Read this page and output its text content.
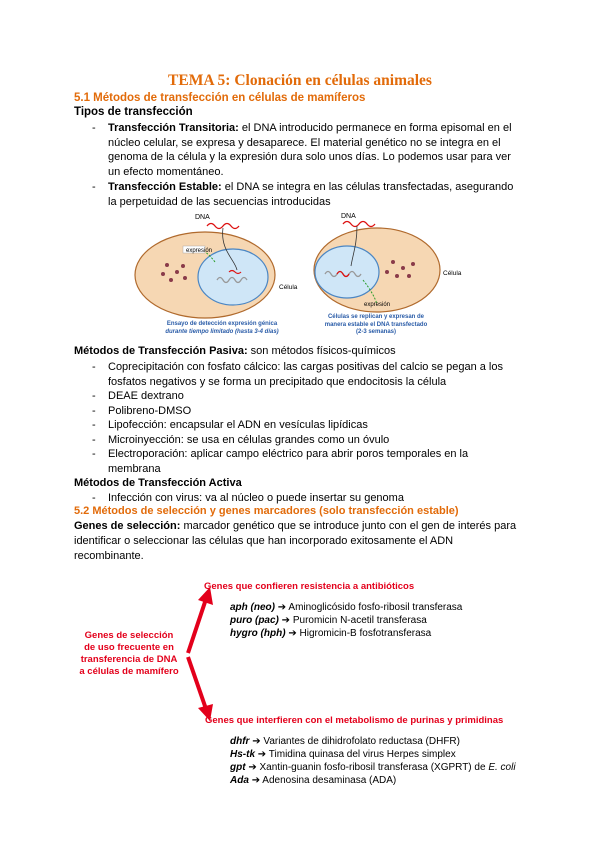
TEMA 5: Clonación en células animales
5.1 Métodos de transfección en células de mamíferos
Tipos de transfección
- Transfección Transitoria: el DNA introducido permanece en forma episomal en el
núcleo celular, se expresa y desaparece. El material genético no se integra en el
genoma de la célula y la expresión dura solo unos días. Lo podemos usar para ver
un efecto momentáneo.
- Transfección Estable: el DNA se integra en las células transfectadas, asegurando
la perpetuidad de las secuencias introducidas
DNA	DNA
expresión
expresión
Célula
Célula
Ensayo de detección expresión génica
durante tiempo limitado (hasta 3-4 días)
Células se replican y expresan de
manera estable el DNA transfectado
(2-3 semanas)
Métodos de Transfección Pasiva: son métodos físicos-químicos
- Coprecipitación con fosfato cálcico: las cargas positivas del calcio se pegan a los
fosfatos negativos y se forma un precipitado que endocitosis la célula
- DEAE dextrano
- Polibreno-DMSO
- Lipofección: encapsular el ADN en vesículas lipídicas
- Microinyección: se usa en células grandes como un óvulo
- Electroporación: aplicar campo eléctrico para abrir poros temporales en la
membrana
Métodos de Transfección Activa
- Infección con virus: va al núcleo o puede insertar su genoma
5.2 Métodos de selección y genes marcadores (solo transfección estable)
Genes de selección: marcador genético que se introduce junto con el gen de interés para
identificar o seleccionar las células que han incorporado exitosamente el ADN
recombinante.
Genes de selección
de uso frecuente en
transferencia de DNA
a células de mamífero
Genes que confieren resistencia a antibióticos
aph (neo) ➔ Aminoglicósido fosfo-ribosil transferasa
puro (pac) ➔ Puromicin N-acetil transferasa
hygro (hph) ➔ Higromicin-B fosfotransferasa
Genes que interfieren con el metabolismo de purinas y primidinas
dhfr ➔ Variantes de dihidrofolato reductasa (DHFR)
Hs-tk ➔ Timidina quinasa del virus Herpes simplex
gpt ➔ Xantin-guanin fosfo-ribosil transferasa (XGPRT) de E. coli
Ada ➔ Adenosina desaminasa (ADA)
